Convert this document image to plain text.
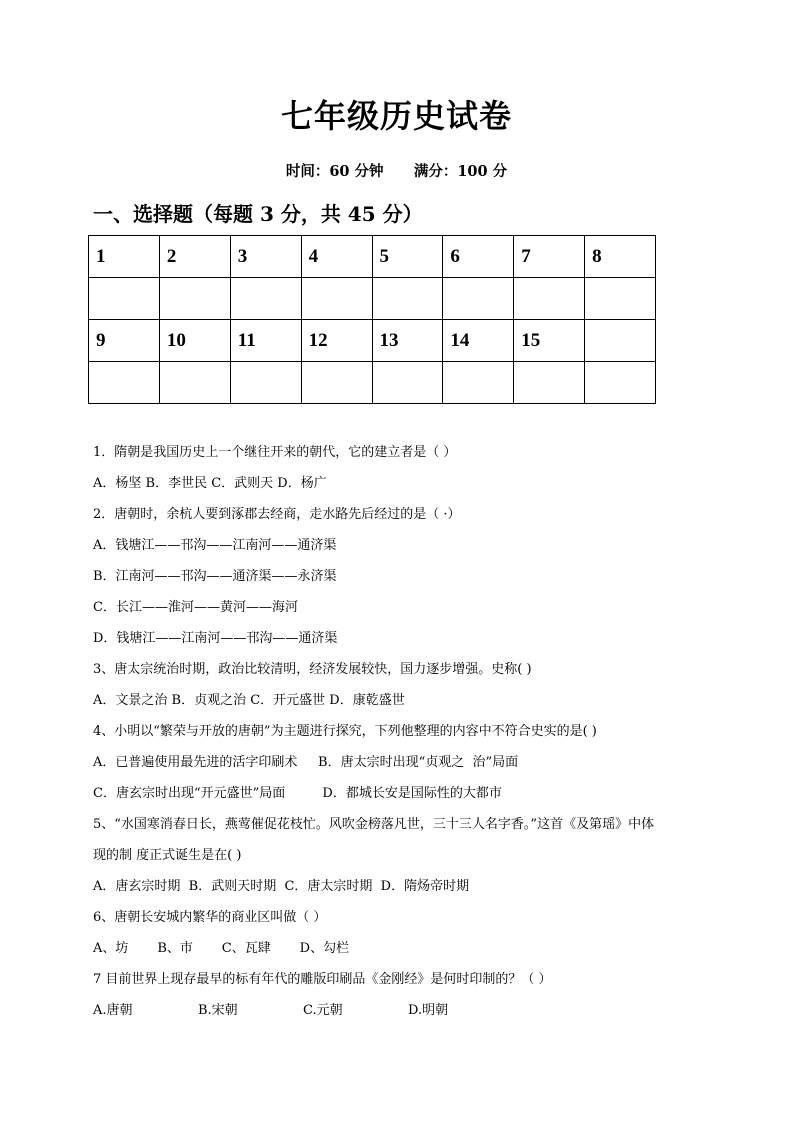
七年级历史试卷
时间：60 分钟      满分：100 分
一、选择题（每题 3 分，共 45 分）
1	2	3	4	5	6	7	8

9	10	11	12	13	14	15	

1．隋朝是我国历史上一个继往开来的朝代，它的建立者是（ ）
A．杨坚 B．李世民 C．武则天 D．杨广
2．唐朝时，余杭人要到涿郡去经商，走水路先后经过的是（ ·）
A．钱塘江——邗沟——江南河——通济渠
B．江南河——邗沟——通济渠——永济渠
C．长江——淮河——黄河——海河
D．钱塘江——江南河——邗沟——通济渠
3、唐太宗统治时期，政治比较清明，经济发展较快，国力逐步增强。史称( )
A．文景之治 B．贞观之治 C．开元盛世 D．康乾盛世
4、小明以“繁荣与开放的唐朝”为主题进行探究，下列他整理的内容中不符合史实的是( )
A．已普遍使用最先进的活字印刷术     B．唐太宗时出现“贞观之  治”局面
C．唐玄宗时出现“开元盛世”局面         D．都城长安是国际性的大都市
5、“水国寒消春日长，燕莺催促花枝忙。风吹金榜落凡世，三十三人名字香。”这首《及第瑶》中体
现的制 度正式诞生是在( )
A．唐玄宗时期  B．武则天时期  C．唐太宗时期  D．隋炀帝时期
6、唐朝长安城内繁华的商业区叫做（ ）
A、坊       B、市       C、瓦肆       D、勾栏
7 目前世界上现存最早的标有年代的雕版印刷品《金刚经》是何时印制的？（ ）
A.唐朝	B.宋朝	C.元朝	D.明朝
